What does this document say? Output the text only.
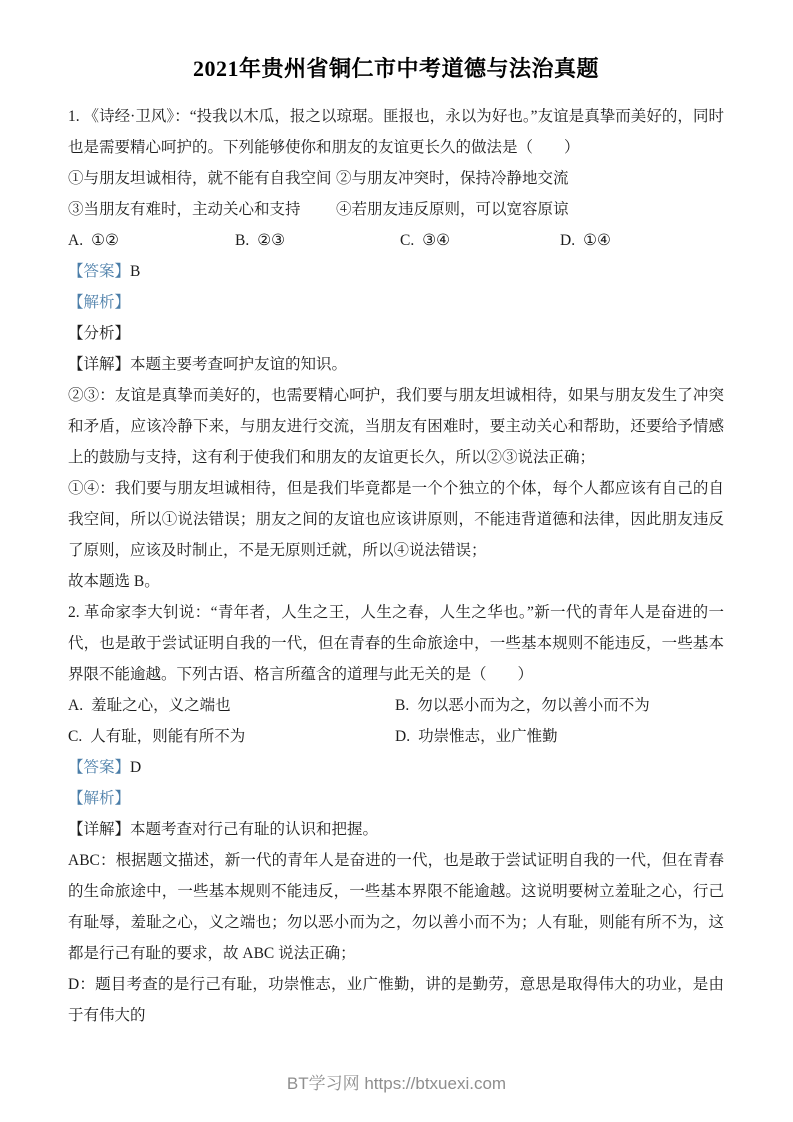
2021年贵州省铜仁市中考道德与法治真题

1. 《诗经·卫风》：“投我以木瓜，报之以琼琚。匪报也，永以为好也。”友谊是真挚而美好的，同时也是需要精心呵护的。下列能够使你和朋友的友谊更长久的做法是（　　）

①与朋友坦诚相待，就不能有自我空间 ②与朋友冲突时，保持冷静地交流
③当朋友有难时，主动关心和支持	④若朋友违反原则，可以宽容原谅
A. ①②	B. ②③	C. ③④	D. ①④

【答案】B

【解析】

【分析】

【详解】本题主要考查呵护友谊的知识。

②③：友谊是真挚而美好的，也需要精心呵护，我们要与朋友坦诚相待，如果与朋友发生了冲突和矛盾，应该冷静下来，与朋友进行交流，当朋友有困难时，要主动关心和帮助，还要给予情感上的鼓励与支持，这有利于使我们和朋友的友谊更长久，所以②③说法正确；

①④：我们要与朋友坦诚相待，但是我们毕竟都是一个个独立的个体，每个人都应该有自己的自我空间，所以①说法错误；朋友之间的友谊也应该讲原则，不能违背道德和法律，因此朋友违反了原则，应该及时制止，不是无原则迁就，所以④说法错误；

故本题选 B。

2. 革命家李大钊说：“青年者，人生之王，人生之春，人生之华也。”新一代的青年人是奋进的一代，也是敢于尝试证明自我的一代，但在青春的生命旅途中，一些基本规则不能违反，一些基本界限不能逾越。下列古语、格言所蕴含的道理与此无关的是（　　）

A. 羞耻之心，义之端也	B. 勿以恶小而为之，勿以善小而不为
C. 人有耻，则能有所不为	D. 功崇惟志，业广惟勤

【答案】D

【解析】

【详解】本题考查对行己有耻的认识和把握。

ABC：根据题文描述，新一代的青年人是奋进的一代，也是敢于尝试证明自我的一代，但在青春的生命旅途中，一些基本规则不能违反，一些基本界限不能逾越。这说明要树立羞耻之心，行己有耻辱，羞耻之心，义之端也；勿以恶小而为之，勿以善小而不为；人有耻，则能有所不为，这都是行己有耻的要求，故 ABC 说法正确；

D：题目考查的是行己有耻，功崇惟志，业广惟勤，讲的是勤劳，意思是取得伟大的功业，是由于有伟大的

BT学习网 https://btxuexi.com
